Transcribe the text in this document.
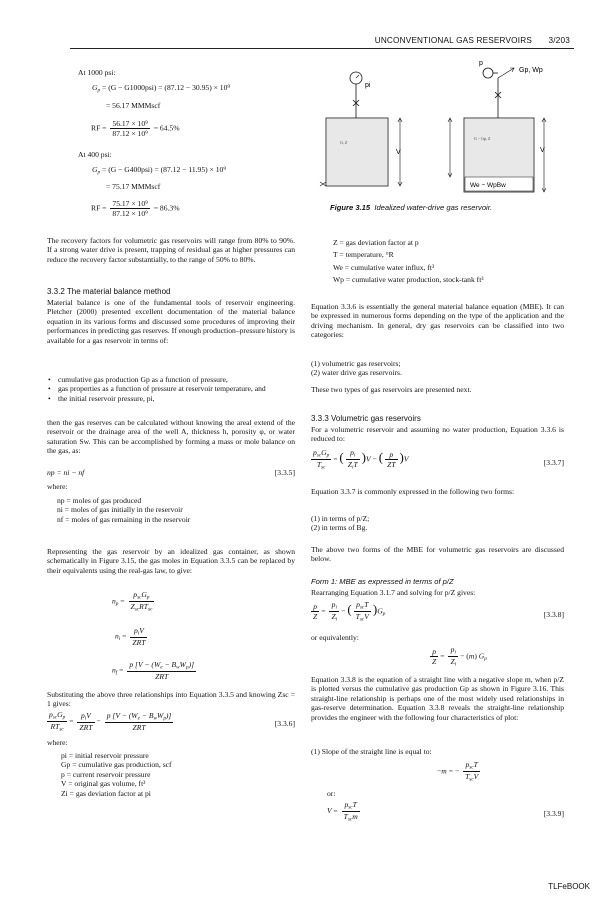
UNCONVENTIONAL GAS RESERVOIRS 3/203
At 1000 psi:
$G_p = (G - G1000psi) = (87.12 - 30.95) \times 10^9$
= 56.17 MMMscf
RF = $\frac{\text{56.17 × 10⁹}}{\text{87.12 × 10⁹}} = 64.5\%$
At 400 psi:
$G_p = (G - G400psi) = (87.12 - 11.95) \times 10^9$
= 75.17 MMMscf
RF = $\frac{\text{75.17 × 10⁹}}{\text{87.12 × 10⁹}} = 86.3\%$
pi
V
G, Z
We − WpBw
p
Gp, Wp
V
G − Gp, Z
Figure 3.15 Idealized water-drive gas reservoir.
The recovery factors for volumetric gas reservoirs will range from 80% to 90%. If a strong water drive is present, trapping of residual gas at higher pressures can reduce the recovery factor substantially, to the range of 50% to 80%.
3.3.2 The material balance method
Material balance is one of the fundamental tools of reservoir engineering. Pletcher (2000) presented excellent documentation of the material balance equation in its various forms and discussed some procedures of improving their performances in predicting gas reserves. If enough production–pressure history is available for a gas reservoir in terms of:
• cumulative gas production Gp as a function of pressure,
• gas properties as a function of pressure at reservoir temperature, and
• the initial reservoir pressure, pi,
then the gas reserves can be calculated without knowing the areal extend of the reservoir or the drainage area of the well A, thickness h, porosity φ, or water saturation Sw. This can be accomplished by forming a mass or mole balance on the gas, as:
np = ni − nf	[3.3.5]
where:
np = moles of gas produced
ni = moles of gas initially in the reservoir
nf = moles of gas remaining in the reservoir
Representing the gas reservoir by an idealized gas container, as shown schematically in Figure 3.15, the gas moles in Equation 3.3.5 can be replaced by their equivalents using the real-gas law, to give:
$n_p = \frac{p_{sc}G_p}{Z_{sc}RT_{sc}}$
$n_i = \frac{p_iV}{\text{ZRT}}$
$n_f = \frac{p [V - (W_e - B_wW_p)]}{\text{ZRT}}$
Substituting the above three relationships into Equation 3.3.5 and knowing Zsc = 1 gives:
$\frac{p_{sc}G_p}{RT_{sc}} = \frac{p_iV}{\text{ZRT}} - \frac{p [V - (W_e - B_wW_p)]}{\text{ZRT}}$	[3.3.6]
where:
pi = initial reservoir pressure
Gp = cumulative gas production, scf
p = current reservoir pressure
V = original gas volume, ft³
Zi = gas deviation factor at pi
Z = gas deviation factor at p
T = temperature, °R
We = cumulative water influx, ft³
Wp = cumulative water production, stock-tank ft³
Equation 3.3.6 is essentially the general material balance equation (MBE). It can be expressed in numerous forms depending on the type of the application and the driving mechanism. In general, dry gas reservoirs can be classified into two categories:
(1) volumetric gas reservoirs;
(2) water drive gas reservoirs.
These two types of gas reservoirs are presented next.
3.3.3 Volumetric gas reservoirs
For a volumetric reservoir and assuming no water production, Equation 3.3.6 is reduced to:
$\frac{p_{sc}G_p}{T_{sc}}$ = ( $\frac{p_i}{Z_iT} )V$ − ( $\frac{p}{ZT} )V$	[3.3.7]
Equation 3.3.7 is commonly expressed in the following two forms:
(1) in terms of p/Z;
(2) in terms of Bg.
The above two forms of the MBE for volumetric gas reservoirs are discussed below.
Form 1: MBE as expressed in terms of p/Z
Rearranging Equation 3.1.7 and solving for p/Z gives:
$\frac{p}{Z} = \frac{p_i}{Z_i}$ − ( $\frac{p_{sc}T}{T_{sc}V} )G_p$	[3.3.8]
or equivalently:
$\frac{p}{Z} = \frac{p_i}{Z_i} - (m)$ $G_p$
Equation 3.3.8 is the equation of a straight line with a negative slope m, when p/Z is plotted versus the cumulative gas production Gp as shown in Figure 3.16. This straight-line relationship is perhaps one of the most widely used relationships in gas-reserve determination. Equation 3.3.8 reveals the straight-line relationship provides the engineer with the following four characteristics of plot:
(1) Slope of the straight line is equal to:
−m = − $\frac{p_{sc}T}{T_{sc}V}$
or:
$V = \frac{p_{sc}T}{T_{sc}m}$	[3.3.9]
TLFeBOOK
